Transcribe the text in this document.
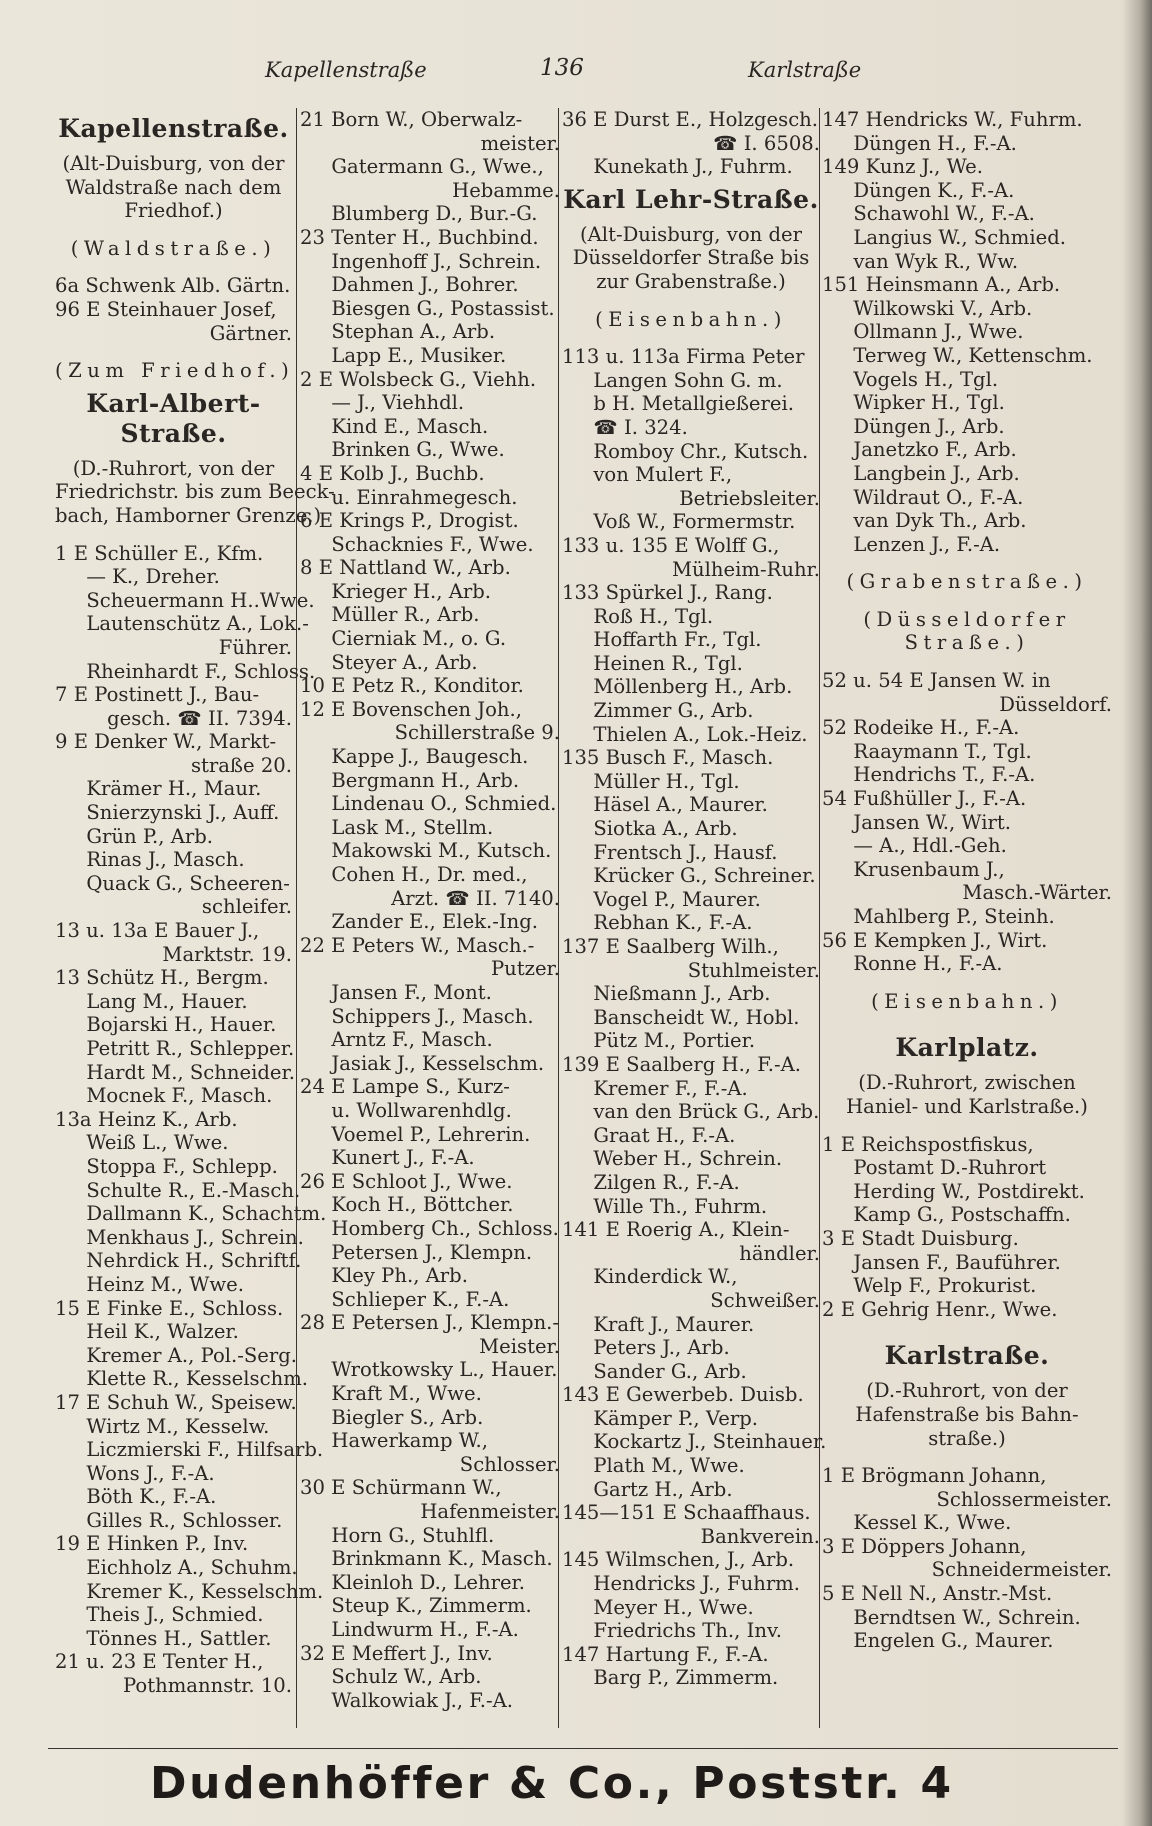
Kapellenstraße	136	Karlstraße
Kapellenstraße.
(Alt-Duisburg, von der
Waldstraße nach dem
Friedhof.)
(Waldstraße.)
6a Schwenk Alb. Gärtn.
96 E Steinhauer Josef,
Gärtner.
(Zum Friedhof.)
Karl-Albert-Straße.
(D.-Ruhrort, von der
Friedrichstr. bis zum Beeck-
bach, Hamborner Grenze.)
1 E Schüller E., Kfm.
— K., Dreher.
Scheuermann H..Wwe.
Lautenschütz A., Lok.-
Führer.
Rheinhardt F., Schloss.
7 E Postinett J., Bau-
gesch. ☎ II. 7394.
9 E Denker W., Markt-
straße 20.
Krämer H., Maur.
Snierzynski J., Auff.
Grün P., Arb.
Rinas J., Masch.
Quack G., Scheeren-
schleifer.
13 u. 13a E Bauer J.,
Marktstr. 19.
13 Schütz H., Bergm.
Lang M., Hauer.
Bojarski H., Hauer.
Petritt R., Schlepper.
Hardt M., Schneider.
Mocnek F., Masch.
13a Heinz K., Arb.
Weiß L., Wwe.
Stoppa F., Schlepp.
Schulte R., E.-Masch.
Dallmann K., Schachtm.
Menkhaus J., Schrein.
Nehrdick H., Schriftf.
Heinz M., Wwe.
15 E Finke E., Schloss.
Heil K., Walzer.
Kremer A., Pol.-Serg.
Klette R., Kesselschm.
17 E Schuh W., Speisew.
Wirtz M., Kesselw.
Liczmierski F., Hilfsarb.
Wons J., F.-A.
Böth K., F.-A.
Gilles R., Schlosser.
19 E Hinken P., Inv.
Eichholz A., Schuhm.
Kremer K., Kesselschm.
Theis J., Schmied.
Tönnes H., Sattler.
21 u. 23 E Tenter H.,
Pothmannstr. 10.
21 Born W., Oberwalz-
meister.
Gatermann G., Wwe.,
Hebamme.
Blumberg D., Bur.-G.
23 Tenter H., Buchbind.
Ingenhoff J., Schrein.
Dahmen J., Bohrer.
Biesgen G., Postassist.
Stephan A., Arb.
Lapp E., Musiker.
2 E Wolsbeck G., Viehh.
— J., Viehhdl.
Kind E., Masch.
Brinken G., Wwe.
4 E Kolb J., Buchb.
u. Einrahmegesch.
6 E Krings P., Drogist.
Schacknies F., Wwe.
8 E Nattland W., Arb.
Krieger H., Arb.
Müller R., Arb.
Cierniak M., o. G.
Steyer A., Arb.
10 E Petz R., Konditor.
12 E Bovenschen Joh.,
Schillerstraße 9.
Kappe J., Baugesch.
Bergmann H., Arb.
Lindenau O., Schmied.
Lask M., Stellm.
Makowski M., Kutsch.
Cohen H., Dr. med.,
Arzt. ☎ II. 7140.
Zander E., Elek.-Ing.
22 E Peters W., Masch.-
Putzer.
Jansen F., Mont.
Schippers J., Masch.
Arntz F., Masch.
Jasiak J., Kesselschm.
24 E Lampe S., Kurz-
u. Wollwarenhdlg.
Voemel P., Lehrerin.
Kunert J., F.-A.
26 E Schloot J., Wwe.
Koch H., Böttcher.
Homberg Ch., Schloss.
Petersen J., Klempn.
Kley Ph., Arb.
Schlieper K., F.-A.
28 E Petersen J., Klempn.-
Meister.
Wrotkowsky L., Hauer.
Kraft M., Wwe.
Biegler S., Arb.
Hawerkamp W.,
Schlosser.
30 E Schürmann W.,
Hafenmeister.
Horn G., Stuhlfl.
Brinkmann K., Masch.
Kleinloh D., Lehrer.
Steup K., Zimmerm.
Lindwurm H., F.-A.
32 E Meffert J., Inv.
Schulz W., Arb.
Walkowiak J., F.-A.
36 E Durst E., Holzgesch.
☎ I. 6508.
Kunekath J., Fuhrm.
Karl Lehr-Straße.
(Alt-Duisburg, von der
Düsseldorfer Straße bis
zur Grabenstraße.)
(Eisenbahn.)
113 u. 113a Firma Peter
Langen Sohn G. m.
b H. Metallgießerei.
☎ I. 324.
Romboy Chr., Kutsch.
von Mulert F.,
Betriebsleiter.
Voß W., Formermstr.
133 u. 135 E Wolff G.,
Mülheim-Ruhr.
133 Spürkel J., Rang.
Roß H., Tgl.
Hoffarth Fr., Tgl.
Heinen R., Tgl.
Möllenberg H., Arb.
Zimmer G., Arb.
Thielen A., Lok.-Heiz.
135 Busch F., Masch.
Müller H., Tgl.
Häsel A., Maurer.
Siotka A., Arb.
Frentsch J., Hausf.
Krücker G., Schreiner.
Vogel P., Maurer.
Rebhan K., F.-A.
137 E Saalberg Wilh.,
Stuhlmeister.
Nießmann J., Arb.
Banscheidt W., Hobl.
Pütz M., Portier.
139 E Saalberg H., F.-A.
Kremer F., F.-A.
van den Brück G., Arb.
Graat H., F.-A.
Weber H., Schrein.
Zilgen R., F.-A.
Wille Th., Fuhrm.
141 E Roerig A., Klein-
händler.
Kinderdick W.,
Schweißer.
Kraft J., Maurer.
Peters J., Arb.
Sander G., Arb.
143 E Gewerbeb. Duisb.
Kämper P., Verp.
Kockartz J., Steinhauer.
Plath M., Wwe.
Gartz H., Arb.
145—151 E Schaaffhaus.
Bankverein.
145 Wilmschen, J., Arb.
Hendricks J., Fuhrm.
Meyer H., Wwe.
Friedrichs Th., Inv.
147 Hartung F., F.-A.
Barg P., Zimmerm.
147 Hendricks W., Fuhrm.
Düngen H., F.-A.
149 Kunz J., We.
Düngen K., F.-A.
Schawohl W., F.-A.
Langius W., Schmied.
van Wyk R., Ww.
151 Heinsmann A., Arb.
Wilkowski V., Arb.
Ollmann J., Wwe.
Terweg W., Kettenschm.
Vogels H., Tgl.
Wipker H., Tgl.
Düngen J., Arb.
Janetzko F., Arb.
Langbein J., Arb.
Wildraut O., F.-A.
van Dyk Th., Arb.
Lenzen J., F.-A.
(Grabenstraße.)
(Düsseldorfer
Straße.)
52 u. 54 E Jansen W. in
Düsseldorf.
52 Rodeike H., F.-A.
Raaymann T., Tgl.
Hendrichs T., F.-A.
54 Fußhüller J., F.-A.
Jansen W., Wirt.
— A., Hdl.-Geh.
Krusenbaum J.,
Masch.-Wärter.
Mahlberg P., Steinh.
56 E Kempken J., Wirt.
Ronne H., F.-A.
(Eisenbahn.)
Karlplatz.
(D.-Ruhrort, zwischen
Haniel- und Karlstraße.)
1 E Reichspostfiskus,
Postamt D.-Ruhrort
Herding W., Postdirekt.
Kamp G., Postschaffn.
3 E Stadt Duisburg.
Jansen F., Bauführer.
Welp F., Prokurist.
2 E Gehrig Henr., Wwe.
Karlstraße.
(D.-Ruhrort, von der
Hafenstraße bis Bahn-
straße.)
1 E Brögmann Johann,
Schlossermeister.
Kessel K., Wwe.
3 E Döppers Johann,
Schneidermeister.
5 E Nell N., Anstr.-Mst.
Berndtsen W., Schrein.
Engelen G., Maurer.
Dudenhöffer & Co., Poststr. 4
